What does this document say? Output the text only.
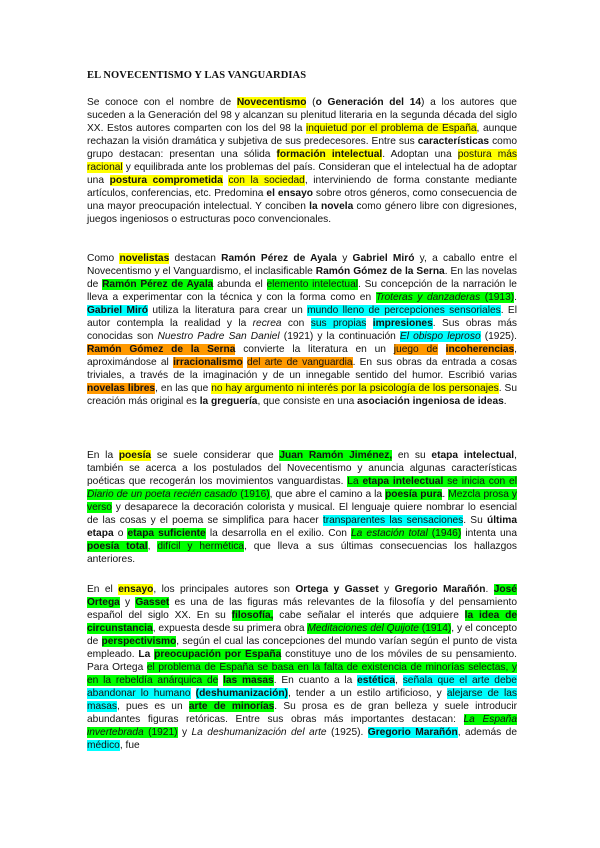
EL NOVECENTISMO Y LAS VANGUARDIAS

Se conoce con el nombre de Novecentismo (o Generación del 14) a los autores que suceden a la Generación del 98 y alcanzan su plenitud literaria en la segunda década del siglo XX. Estos autores comparten con los del 98 la inquietud por el problema de España, aunque rechazan la visión dramática y subjetiva de sus predecesores. Entre sus características como grupo destacan: presentan una sólida formación intelectual. Adoptan una postura más racional y equilibrada ante los problemas del país. Consideran que el intelectual ha de adoptar una postura comprometida con la sociedad, interviniendo de forma constante mediante artículos, conferencias, etc. Predomina el ensayo sobre otros géneros, como consecuencia de una mayor preocupación intelectual. Y conciben la novela como género libre con digresiones, juegos ingeniosos o estructuras poco convencionales.

Como novelistas destacan Ramón Pérez de Ayala y Gabriel Miró y, a caballo entre el Novecentismo y el Vanguardismo, el inclasificable Ramón Gómez de la Serna. En las novelas de Ramón Pérez de Ayala abunda el elemento intelectual. Su concepción de la narración le lleva a experimentar con la técnica y con la forma como en Troteras y danzaderas (1913). Gabriel Miró utiliza la literatura para crear un mundo lleno de percepciones sensoriales. El autor contempla la realidad y la recrea con sus propias impresiones. Sus obras más conocidas son Nuestro Padre San Daniel (1921) y la continuación El obispo leproso (1925). Ramón Gómez de la Serna convierte la literatura en un juego de incoherencias, aproximándose al irracionalismo del arte de vanguardia. En sus obras da entrada a cosas triviales, a través de la imaginación y de un innegable sentido del humor. Escribió varias novelas libres, en las que no hay argumento ni interés por la psicología de los personajes. Su creación más original es la greguería, que consiste en una asociación ingeniosa de ideas.

En la poesía se suele considerar que Juan Ramón Jiménez, en su etapa intelectual, también se acerca a los postulados del Novecentismo y anuncia algunas características poéticas que recogerán los movimientos vanguardistas. La etapa intelectual se inicia con el Diario de un poeta recién casado (1916), que abre el camino a la poesía pura. Mezcla prosa y verso y desaparece la decoración colorista y musical. El lenguaje quiere nombrar lo esencial de las cosas y el poema se simplifica para hacer transparentes las sensaciones. Su última etapa o etapa suficiente la desarrolla en el exilio. Con La estación total (1946) intenta una poesía total, difícil y hermética, que lleva a sus últimas consecuencias los hallazgos anteriores.

En el ensayo, los principales autores son Ortega y Gasset y Gregorio Marañón. José Ortega y Gasset es una de las figuras más relevantes de la filosofía y del pensamiento español del siglo XX. En su filosofía, cabe señalar el interés que adquiere la idea de circunstancia, expuesta desde su primera obra Meditaciones del Quijote (1914), y el concepto de perspectivismo, según el cual las concepciones del mundo varían según el punto de vista empleado. La preocupación por España constituye uno de los móviles de su pensamiento. Para Ortega el problema de España se basa en la falta de existencia de minorías selectas, y en la rebeldía anárquica de las masas. En cuanto a la estética, señala que el arte debe abandonar lo humano (deshumanización), tender a un estilo artificioso, y alejarse de las masas, pues es un arte de minorías. Su prosa es de gran belleza y suele introducir abundantes figuras retóricas. Entre sus obras más importantes destacan: La España invertebrada (1921) y La deshumanización del arte (1925). Gregorio Marañón, además de médico, fue
